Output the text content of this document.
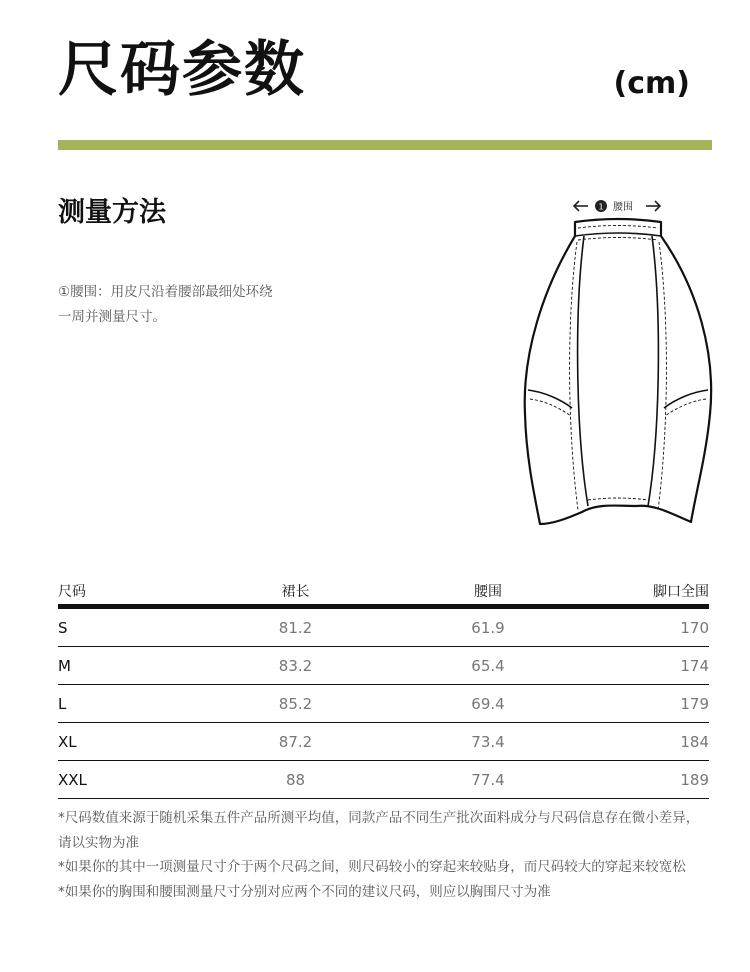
尺码参数	(cm)
测量方法
①腰围：用皮尺沿着腰部最细处环绕
一周并测量尺寸。
1 腰围
尺码	裙长	腰围	脚口全围
S	81.2	61.9	170
M	83.2	65.4	174
L	85.2	69.4	179
XL	87.2	73.4	184
XXL	88	77.4	189
*尺码数值来源于随机采集五件产品所测平均值，同款产品不同生产批次面料成分与尺码信息存在微小差异，
请以实物为准
*如果你的其中一项测量尺寸介于两个尺码之间，则尺码较小的穿起来较贴身，而尺码较大的穿起来较宽松
*如果你的胸围和腰围测量尺寸分别对应两个不同的建议尺码，则应以胸围尺寸为准
